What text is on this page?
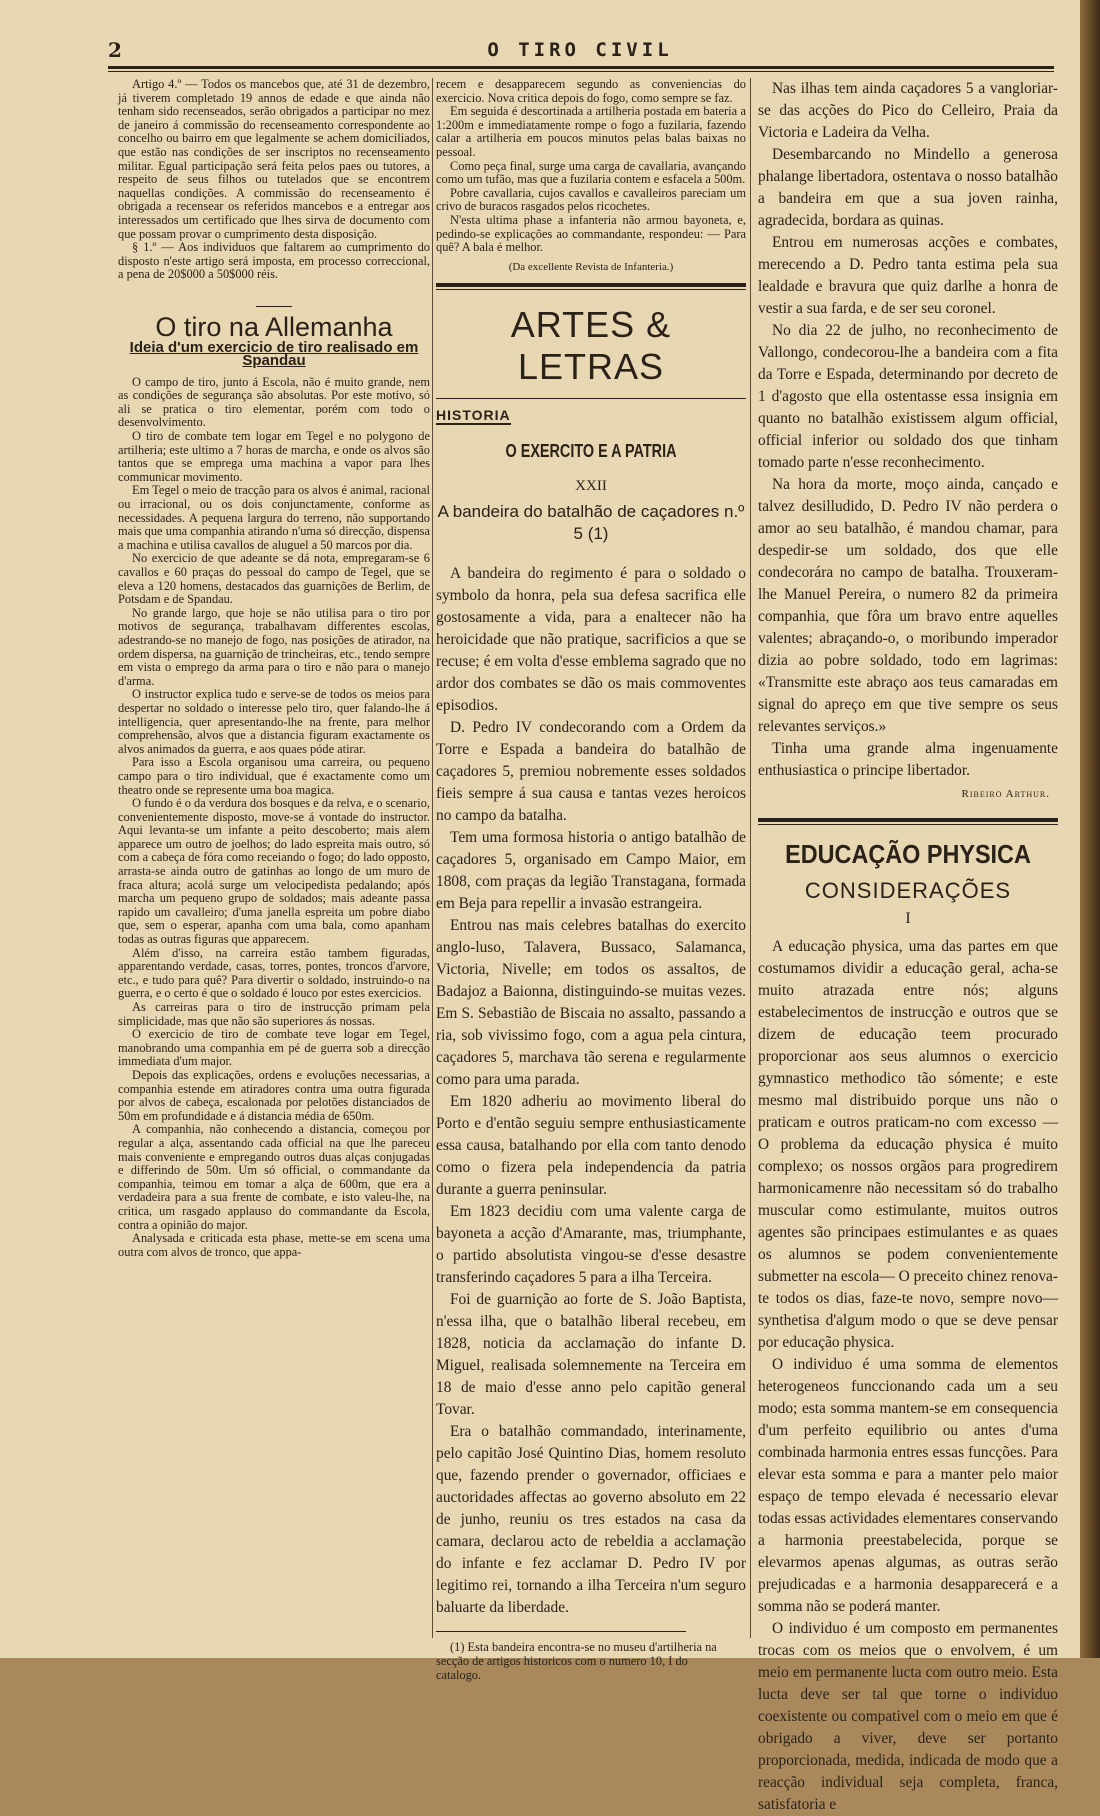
2	O TIRO CIVIL

Artigo 4.º — Todos os mancebos que, até 31 de dezembro, já tiverem completado 19 annos de edade e que ainda não tenham sido recenseados, serão obrigados a participar no mez de janeiro á commissão do recenseamento correspondente ao concelho ou bairro em que legalmente se achem domiciliados, que estão nas condições de ser inscriptos no recenseamento militar. Egual participação será feita pelos paes ou tutores, a respeito de seus filhos ou tutelados que se encontrem naquellas condições. A commissão do recenseamento é obrigada a recensear os referidos mancebos e a entregar aos interessados um certificado que lhes sirva de documento com que possam provar o cumprimento desta disposição.

§ 1.º — Aos individuos que faltarem ao cumprimento do disposto n'este artigo será imposta, em processo correccional, a pena de 20$000 a 50$000 réis.

O tiro na Allemanha
Ideia d'um exercicio de tiro realisado em Spandau

O campo de tiro, junto á Escola, não é muito grande, nem as condições de segurança são absolutas. Por este motivo, só ali se pratica o tiro elementar, porém com todo o desenvolvimento.

O tiro de combate tem logar em Tegel e no polygono de artilheria; este ultimo a 7 horas de marcha, e onde os alvos são tantos que se emprega uma machina a vapor para lhes communicar movimento.

Em Tegel o meio de tracção para os alvos é animal, racional ou irracional, ou os dois conjunctamente, conforme as necessidades. A pequena largura do terreno, não supportando mais que uma companhia atirando n'uma só direcção, dispensa a machina e utilisa cavallos de aluguel a 50 marcos por dia.

No exercicio de que adeante se dá nota, empregaram-se 6 cavallos e 60 praças do pessoal do campo de Tegel, que se eleva a 120 homens, destacados das guarnições de Berlim, de Potsdam e de Spandau.

No grande largo, que hoje se não utilisa para o tiro por motivos de segurança, trabalhavam differentes escolas, adestrando-se no manejo de fogo, nas posições de atirador, na ordem dispersa, na guarnição de trincheiras, etc., tendo sempre em vista o emprego da arma para o tiro e não para o manejo d'arma.

O instructor explica tudo e serve-se de todos os meios para despertar no soldado o interesse pelo tiro, quer falando-lhe á intelligencia, quer apresentando-lhe na frente, para melhor comprehensão, alvos que a distancia figuram exactamente os alvos animados da guerra, e aos quaes póde atirar.

Para isso a Escola organisou uma carreira, ou pequeno campo para o tiro individual, que é exactamente como um theatro onde se represente uma boa magica.

O fundo é o da verdura dos bosques e da relva, e o scenario, convenientemente disposto, move-se á vontade do instructor. Aqui levanta-se um infante a peito descoberto; mais alem apparece um outro de joelhos; do lado espreita mais outro, só com a cabeça de fóra como receiando o fogo; do lado opposto, arrasta-se ainda outro de gatinhas ao longo de um muro de fraca altura; acolá surge um velocipedista pedalando; após marcha um pequeno grupo de soldados; mais adeante passa rapido um cavalleiro; d'uma janella espreita um pobre diabo que, sem o esperar, apanha com uma bala, como apanham todas as outras figuras que apparecem.

Além d'isso, na carreira estão tambem figuradas, apparentando verdade, casas, torres, pontes, troncos d'arvore, etc., e tudo para quê? Para divertir o soldado, instruindo-o na guerra, e o certo é que o soldado é louco por estes exercicios.

As carreiras para o tiro de instrucção primam pela simplicidade, mas que não são superiores ás nossas.

O exercicio de tiro de combate teve logar em Tegel, manobrando uma companhia em pé de guerra sob a direcção immediata d'um major.

Depois das explicações, ordens e evoluções necessarias, a companhia estende em atiradores contra uma outra figurada por alvos de cabeça, escalonada por pelotões distanciados de 50m em profundidade e á distancia média de 650m.

A companhia, não conhecendo a distancia, começou por regular a alça, assentando cada official na que lhe pareceu mais conveniente e empregando outros duas alças conjugadas e differindo de 50m. Um só official, o commandante da companhia, teimou em tomar a alça de 600m, que era a verdadeira para a sua frente de combate, e isto valeu-lhe, na critica, um rasgado applauso do commandante da Escola, contra a opinião do major.

Analysada e criticada esta phase, mette-se em scena uma outra com alvos de tronco, que appa-

recem e desapparecem segundo as conveniencias do exercicio. Nova critica depois do fogo, como sempre se faz.

Em seguida é descortinada a artilheria postada em bateria a 1:200m e immediatamente rompe o fogo a fuzilaria, fazendo calar a artilheria em poucos minutos pelas balas baixas no pessoal.

Como peça final, surge uma carga de cavallaria, avançando como um tufão, mas que a fuzilaria contem e esfacela a 500m.

Pobre cavallaria, cujos cavallos e cavalleiros pareciam um crivo de buracos rasgados pelos ricochetes.

N'esta ultima phase a infanteria não armou bayoneta, e, pedindo-se explicações ao commandante, respondeu: — Para quê? A bala é melhor.

(Da excellente Revista de Infanteria.)
ARTES & LETRAS
HISTORIA
O EXERCITO E A PATRIA
XXII
A bandeira do batalhão de caçadores n.º 5 (1)

A bandeira do regimento é para o soldado o symbolo da honra, pela sua defesa sacrifica elle gostosamente a vida, para a enaltecer não ha heroicidade que não pratique, sacrificios a que se recuse; é em volta d'esse emblema sagrado que no ardor dos combates se dão os mais commoventes episodios.

D. Pedro IV condecorando com a Ordem da Torre e Espada a bandeira do batalhão de caçadores 5, premiou nobremente esses soldados fieis sempre á sua causa e tantas vezes heroicos no campo da batalha.

Tem uma formosa historia o antigo batalhão de caçadores 5, organisado em Campo Maior, em 1808, com praças da legião Transtagana, formada em Beja para repellir a invasão estrangeira.

Entrou nas mais celebres batalhas do exercito anglo-luso, Talavera, Bussaco, Salamanca, Victoria, Nivelle; em todos os assaltos, de Badajoz a Baionna, distinguindo-se muitas vezes. Em S. Sebastião de Biscaia no assalto, passando a ria, sob vivissimo fogo, com a agua pela cintura, caçadores 5, marchava tão serena e regularmente como para uma parada.

Em 1820 adheriu ao movimento liberal do Porto e d'então seguiu sempre enthusiasticamente essa causa, batalhando por ella com tanto denodo como o fizera pela independencia da patria durante a guerra peninsular.

Em 1823 decidiu com uma valente carga de bayoneta a acção d'Amarante, mas, triumphante, o partido absolutista vingou-se d'esse desastre transferindo caçadores 5 para a ilha Terceira.

Foi de guarnição ao forte de S. João Baptista, n'essa ilha, que o batalhão liberal recebeu, em 1828, noticia da acclamação do infante D. Miguel, realisada solemnemente na Terceira em 18 de maio d'esse anno pelo capitão general Tovar.

Era o batalhão commandado, interinamente, pelo capitão José Quintino Dias, homem resoluto que, fazendo prender o governador, officiaes e auctoridades affectas ao governo absoluto em 22 de junho, reuniu os tres estados na casa da camara, declarou acto de rebeldia a acclamação do infante e fez acclamar D. Pedro IV por legitimo rei, tornando a ilha Terceira n'um seguro baluarte da liberdade.

(1) Esta bandeira encontra-se no museu d'artilheria na secção de artigos historicos com o numero 10, I do catalogo.

Nas ilhas tem ainda caçadores 5 a vangloriar-se das acções do Pico do Celleiro, Praia da Victoria e Ladeira da Velha.

Desembarcando no Mindello a generosa phalange libertadora, ostentava o nosso batalhão a bandeira em que a sua joven rainha, agradecida, bordara as quinas.

Entrou em numerosas acções e combates, merecendo a D. Pedro tanta estima pela sua lealdade e bravura que quiz darlhe a honra de vestir a sua farda, e de ser seu coronel.

No dia 22 de julho, no reconhecimento de Vallongo, condecorou-lhe a bandeira com a fita da Torre e Espada, determinando por decreto de 1 d'agosto que ella ostentasse essa insignia em quanto no batalhão existissem algum official, official inferior ou soldado dos que tinham tomado parte n'esse reconhecimento.

Na hora da morte, moço ainda, cançado e talvez desilludido, D. Pedro IV não perdera o amor ao seu batalhão, é mandou chamar, para despedir-se um soldado, dos que elle condecorára no campo de batalha. Trouxeram-lhe Manuel Pereira, o numero 82 da primeira companhia, que fôra um bravo entre aquelles valentes; abraçando-o, o moribundo imperador dizia ao pobre soldado, todo em lagrimas: «Transmitte este abraço aos teus camaradas em signal do apreço em que tive sempre os seus relevantes serviços.»

Tinha uma grande alma ingenuamente enthusiastica o principe libertador.

Ribeiro Arthur.
EDUCAÇÃO PHYSICA
CONSIDERAÇÕES
I

A educação physica, uma das partes em que costumamos dividir a educação geral, acha-se muito atrazada entre nós; alguns estabelecimentos de instrucção e outros que se dizem de educação teem procurado proporcionar aos seus alumnos o exercicio gymnastico methodico tão sómente; e este mesmo mal distribuido porque uns não o praticam e outros praticam-no com excesso — O problema da educação physica é muito complexo; os nossos orgãos para progredirem harmonicamenre não necessitam só do trabalho muscular como estimulante, muitos outros agentes são principaes estimulantes e as quaes os alumnos se podem convenientemente submetter na escola— O preceito chinez renova-te todos os dias, faze-te novo, sempre novo— synthetisa d'algum modo o que se deve pensar por educação physica.

O individuo é uma somma de elementos heterogeneos funccionando cada um a seu modo; esta somma mantem-se em consequencia d'um perfeito equilibrio ou antes d'uma combinada harmonia entres essas funcções. Para elevar esta somma e para a manter pelo maior espaço de tempo elevada é necessario elevar todas essas actividades elementares conservando a harmonia preestabelecida, porque se elevarmos apenas algumas, as outras serão prejudicadas e a harmonia desapparecerá e a somma não se poderá manter.

O individuo é um composto em permanentes trocas com os meios que o envolvem, é um meio em permanente lucta com outro meio. Esta lucta deve ser tal que torne o individuo coexistente ou compativel com o meio em que é obrigado a viver, deve ser portanto proporcionada, medida, indicada de modo que a reacção individual seja completa, franca, satisfatoria e
